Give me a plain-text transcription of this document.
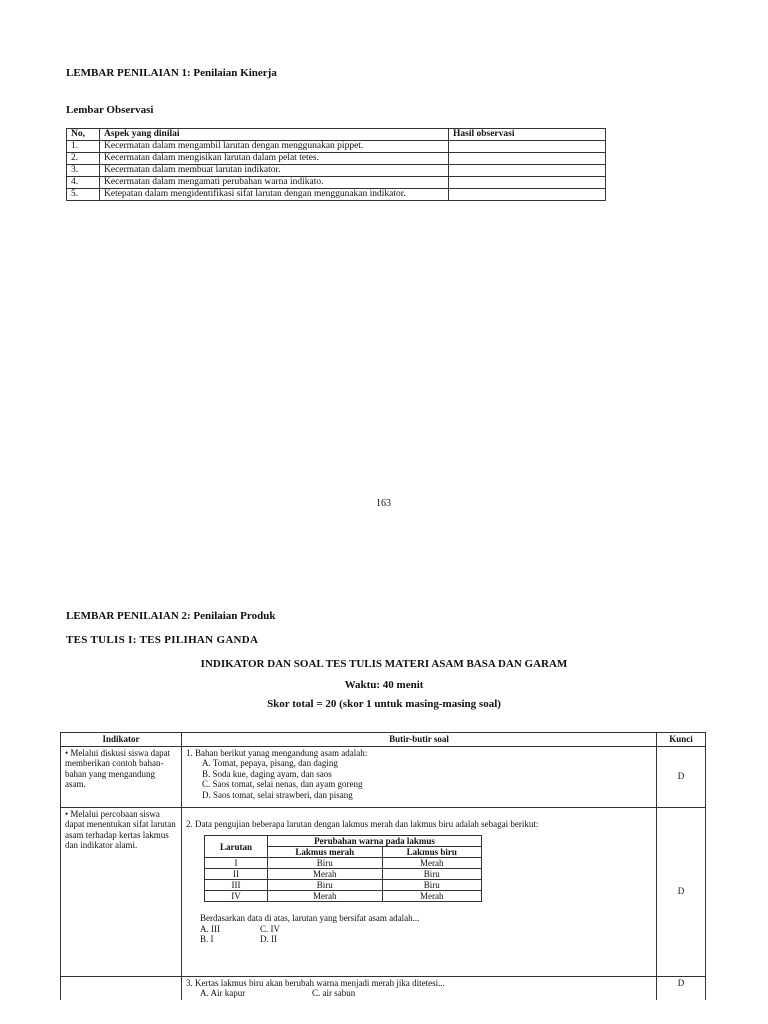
LEMBAR PENILAIAN 1: Penilaian Kinerja
Lembar Observasi
No,	Aspek yang dinilai	Hasil observasi
1.	Kecermatan dalam mengambil larutan dengan menggunakan pippet.	
2.	Kecermatan dalam mengisikan larutan dalam pelat tetes.	
3.	Kecermatan dalam membuat larutan indikator.	
4.	Kecermatan dalam mengamati perubahan warna indikato.	
5.	Ketepatan dalam mengidentifikasi sifat larutan dengan menggunakan indikator.	
163
LEMBAR PENILAIAN 2: Penilaian Produk
TES TULIS I: TES PILIHAN GANDA
INDIKATOR DAN SOAL TES TULIS MATERI ASAM BASA DAN GARAM
Waktu: 40 menit
Skor total = 20 (skor 1 untuk masing-masing soal)
Indikator	Butir-butir soal	Kunci
• Melalui diskusi siswa dapat memberikan contoh bahan-bahan yang mengandung asam.	
1. Bahan berikut yanag mengandung asam adalah:
A. Tomat, pepaya, pisang, dan daging
B. Soda kue, daging ayam, dan saos
C. Saos tomat, selai nenas, dan ayam goreng
D. Saos tomat, selai strawberi, dan pisang
	D
• Melalui percobaan siswa dapat menentukan sifat larutan asam terhadap kertas lakmus dan indikator alami.	
2. Data pengujian beberapa larutan dengan lakmus merah dan lakmus biru adalah sebagai berikut:
Larutan	Perubahan warna pada lakmus
Lakmus merah	Lakmus biru
I	Biru	Merah
II	Merah	Biru
III	Biru	Biru
IV	Merah	Merah
Berdasarkan data di atas, larutan yang bersifat asam adalah...
A. III	C. IV
B. I	D. II
	D

3. Kertas lakmus biru akan berubah warna menjadi merah jika ditetesi...
A. Air kapur	C. air sabun
	D
